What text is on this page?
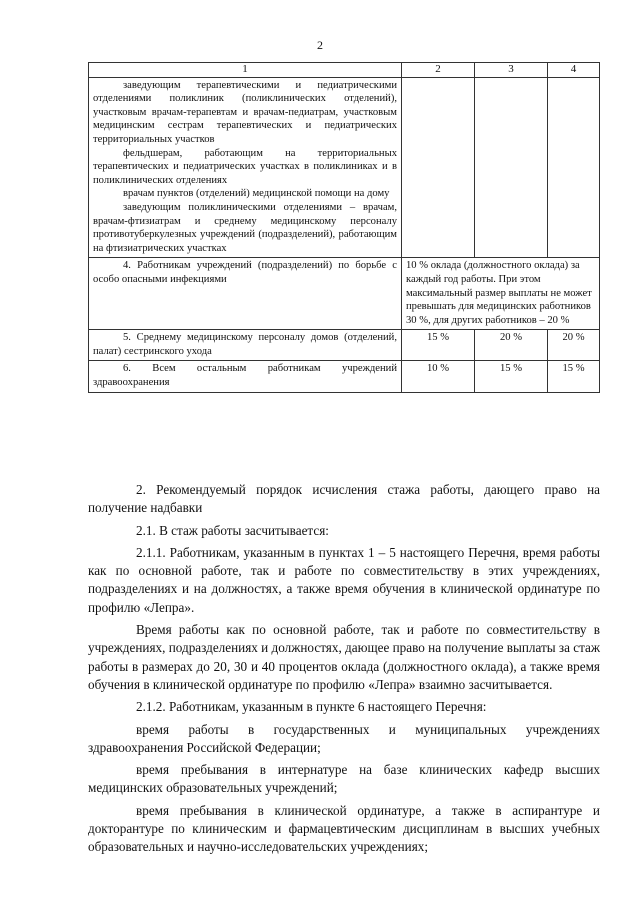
2
1	2	3	4

заведующим терапевтическими и педиатрическими отделениями поликлиник (поликлинических отделений), участковым врачам-терапевтам и врачам-педиатрам, участковым медицинским сестрам терапевтических и педиатрических территориальных участков
фельдшерам, работающим на территориальных терапевтических и педиатрических участках в поликлиниках и в поликлинических отделениях
врачам пунктов (отделений) медицинской помощи на дому
заведующим поликлиническими отделениями – врачам, врачам-фтизиатрам и среднему медицинскому персоналу противотуберкулезных учреждений (подразделений), работающим на фтизиатрических участках			

4. Работникам учреждений (подразделений) по борьбе с особо опасными инфекциями	10 % оклада (должностного оклада) за каждый год работы. При этом максимальный размер выплаты не может превышать для медицинских работников 30 %, для других работников – 20 %		
5. Среднему медицинскому персоналу домов (отделений, палат) сестринского ухода	15 %	20 %	20 %
6. Всем остальным работникам учреждений здравоохранения	10 %	15 %	15 %

2. Рекомендуемый порядок исчисления стажа работы, дающего право на получение надбавки

2.1. В стаж работы засчитывается:

2.1.1. Работникам, указанным в пунктах 1 – 5 настоящего Перечня, время работы как по основной работе, так и работе по совместительству в этих учреждениях, подразделениях и на должностях, а также время обучения в клинической ординатуре по профилю «Лепра».

Время работы как по основной работе, так и работе по совместительству в учреждениях, подразделениях и должностях, дающее право на получение выплаты за стаж работы в размерах до 20, 30 и 40 процентов оклада (должностного оклада), а также время обучения в клинической ординатуре по профилю «Лепра» взаимно засчитывается.

2.1.2. Работникам, указанным в пункте 6 настоящего Перечня:

время работы в государственных и муниципальных учреждениях здравоохранения Российской Федерации;

время пребывания в интернатуре на базе клинических кафедр высших медицинских образовательных учреждений;

время пребывания в клинической ординатуре, а также в аспирантуре и докторантуре по клиническим и фармацевтическим дисциплинам в высших учебных образовательных и научно-исследовательских учреждениях;
